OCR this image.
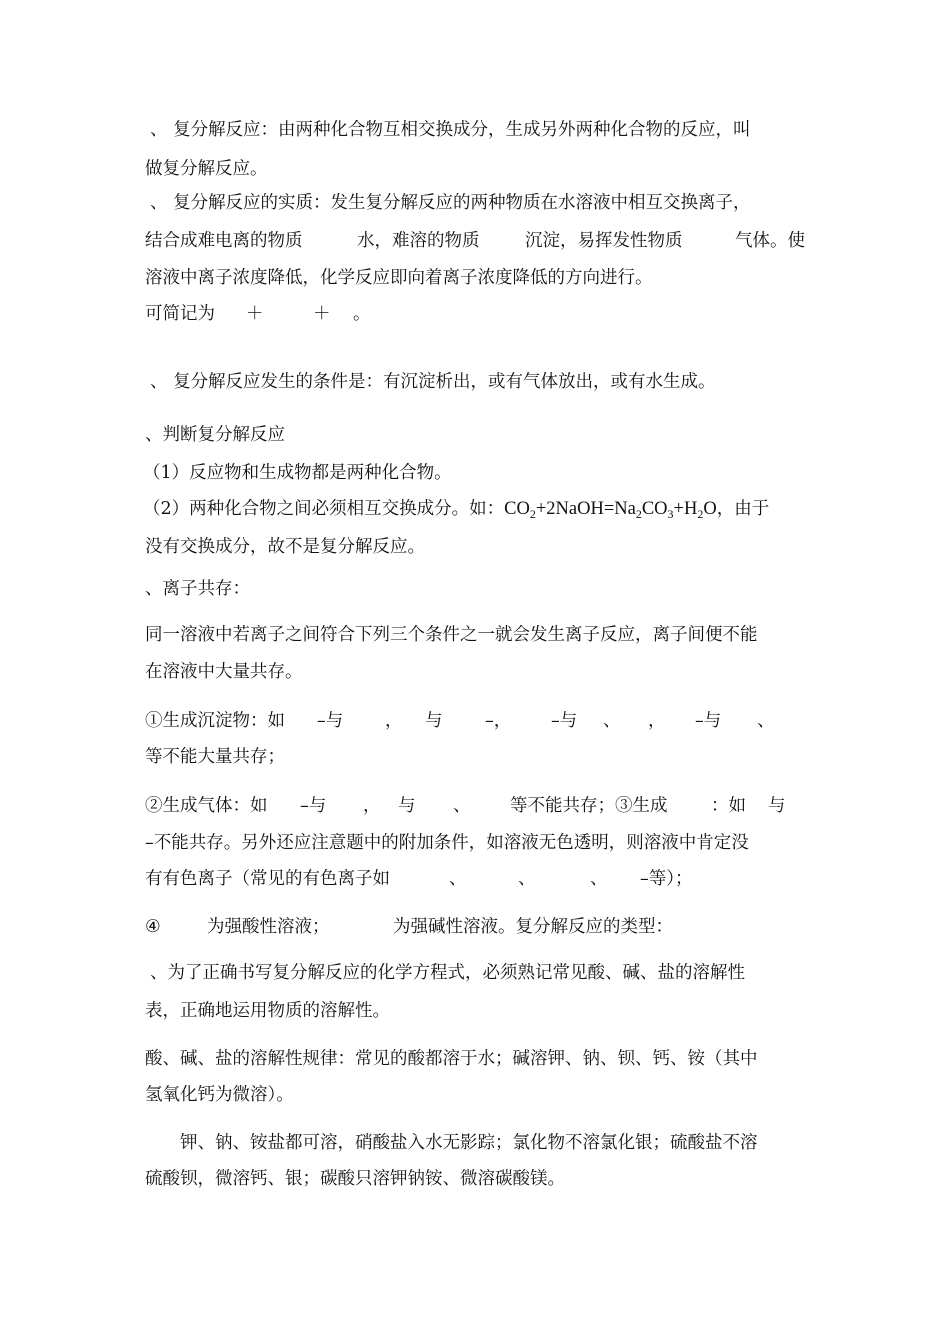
、 复分解反应：由两种化合物互相交换成分，生成另外两种化合物的反应，叫
做复分解反应。
、 复分解反应的实质：发生复分解反应的两种物质在水溶液中相互交换离子，
结合成难电离的物质	水，难溶的物质	沉淀，易挥发性物质	气体。使
溶液中离子浓度降低，化学反应即向着离子浓度降低的方向进行。
可简记为 ＋	＋ 。
、 复分解反应发生的条件是：有沉淀析出，或有气体放出，或有水生成。
、判断复分解反应
（1）反应物和生成物都是两种化合物。
（2）两种化合物之间必须相互交换成分。如：$CO_2+2NaOH=Na_2CO_3+H_2O$，由于
没有交换成分，故不是复分解反应。
、离子共存：
同一溶液中若离子之间符合下列三个条件之一就会发生离子反应，离子间便不能
在溶液中大量共存。
①生成沉淀物：如 –与 ， 与 –， –与 、 ， –与 、
等不能大量共存；
②生成气体：如 –与 ， 与 、 等不能共存；③生成 ：如 与
–不能共存。另外还应注意题中的附加条件，如溶液无色透明，则溶液中肯定没
有有色离子（常见的有色离子如	、	、	、 –等）；
④	为强酸性溶液；	为强碱性溶液。复分解反应的类型：
、为了正确书写复分解反应的化学方程式，必须熟记常见酸、碱、盐的溶解性
表，正确地运用物质的溶解性。
酸、碱、盐的溶解性规律：常见的酸都溶于水；碱溶钾、钠、钡、钙、铵（其中
氢氧化钙为微溶）。
钾、钠、铵盐都可溶，硝酸盐入水无影踪；氯化物不溶氯化银；硫酸盐不溶
硫酸钡，微溶钙、银；碳酸只溶钾钠铵、微溶碳酸镁。
